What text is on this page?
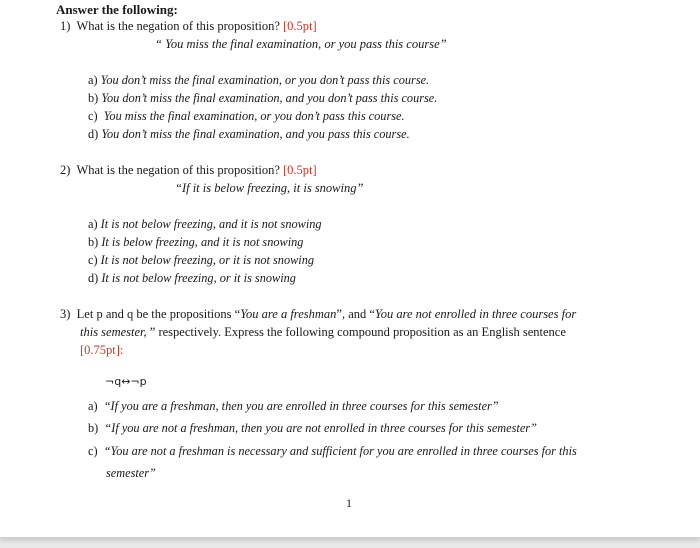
Answer the following:
1) What is the negation of this proposition? [0.5pt]
“ You miss the final examination, or you pass this course”
a) You don’t miss the final examination, or you don’t pass this course.
b) You don’t miss the final examination, and you don’t pass this course.
c) You miss the final examination, or you don’t pass this course.
d) You don’t miss the final examination, and you pass this course.
2) What is the negation of this proposition? [0.5pt]
“If it is below freezing, it is snowing”
a) It is not below freezing, and it is not snowing
b) It is below freezing, and it is not snowing
c) It is not below freezing, or it is not snowing
d) It is not below freezing, or it is snowing
3) Let p and q be the propositions “You are a freshman”, and “You are not enrolled in three courses for
this semester, ” respectively. Express the following compound proposition as an English sentence
[0.75pt]:
¬q↔¬p
a) “If you are a freshman, then you are enrolled in three courses for this semester”
b) “If you are not a freshman, then you are not enrolled in three courses for this semester”
c) “You are not a freshman is necessary and sufficient for you are enrolled in three courses for this
semester”
1
